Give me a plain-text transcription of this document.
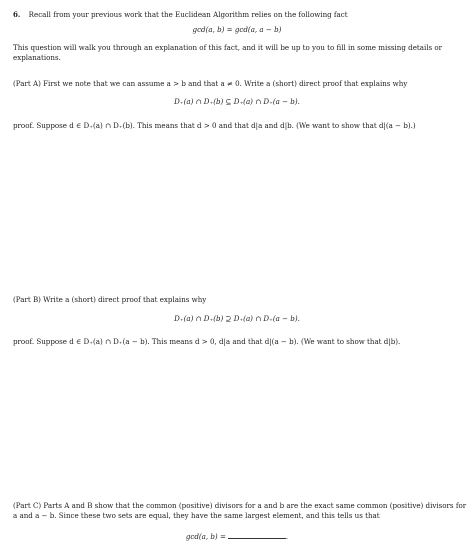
6. Recall from your previous work that the Euclidean Algorithm relies on the following fact
gcd(a, b) = gcd(a, a − b)
This question will walk you through an explanation of this fact, and it will be up to you to fill in some missing details or explanations.
(Part A) First we note that we can assume a > b and that a ≠ 0. Write a (short) direct proof that explains why
D₊(a) ∩ D₊(b) ⊆ D₊(a) ∩ D₊(a − b).
proof. Suppose d ∈ D₊(a) ∩ D₊(b). This means that d > 0 and that d|a and d|b. (We want to show that d|(a − b).)
(Part B) Write a (short) direct proof that explains why
D₊(a) ∩ D₊(b) ⊇ D₊(a) ∩ D₊(a − b).
proof. Suppose d ∈ D₊(a) ∩ D₊(a − b). This means d > 0, d|a and that d|(a − b). (We want to show that d|b).
(Part C) Parts A and B show that the common (positive) divisors for a and b are the exact same common (positive) divisors for a and a − b. Since these two sets are equal, they have the same largest element, and this tells us that
gcd(a, b) =	.
